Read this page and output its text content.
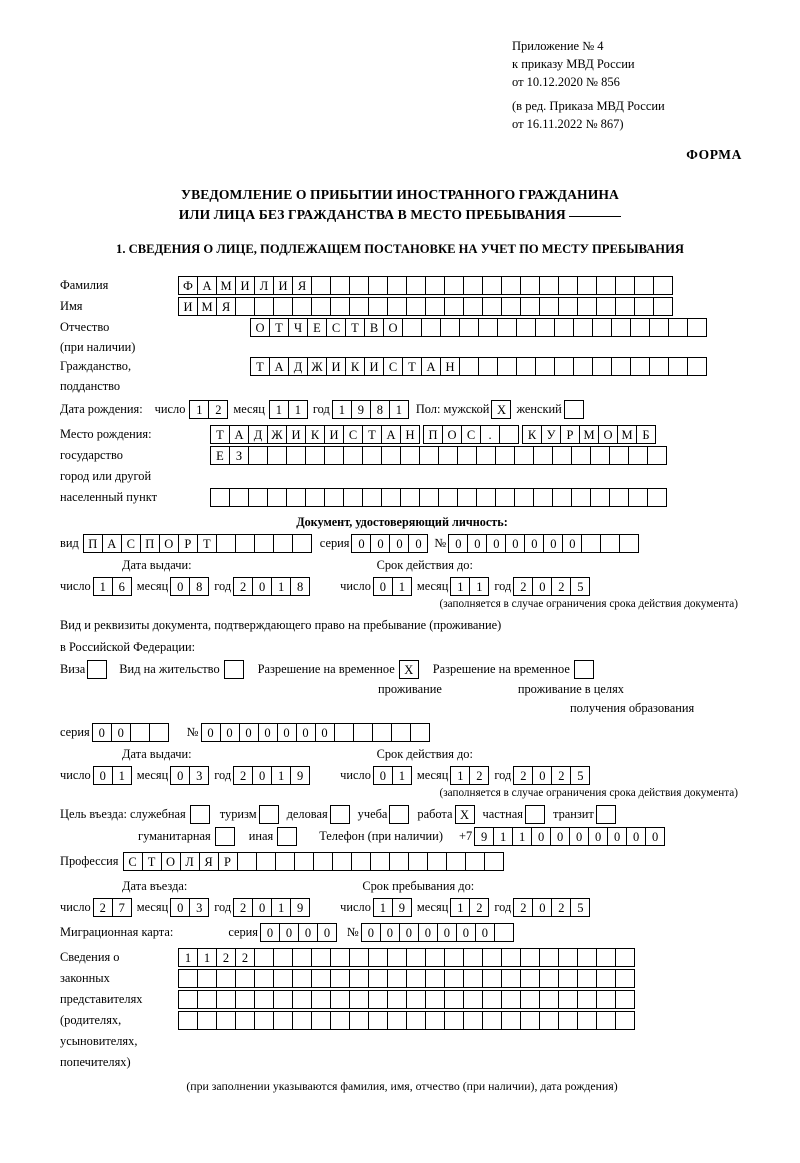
Приложение № 4
к приказу МВД России
от 10.12.2020 № 856
(в ред. Приказа МВД России
от 16.11.2022 № 867)
ФОРМА
УВЕДОМЛЕНИЕ О ПРИБЫТИИ ИНОСТРАННОГО ГРАЖДАНИНА
ИЛИ ЛИЦА БЕЗ ГРАЖДАНСТВА В МЕСТО ПРЕБЫВАНИЯ
1. СВЕДЕНИЯ О ЛИЦЕ, ПОДЛЕЖАЩЕМ ПОСТАНОВКЕ НА УЧЕТ ПО МЕСТУ ПРЕБЫВАНИЯ
Фамилия	Ф А М И Л И Я
Имя	И М Я
Отчество	О Т Ч Е С Т В О
(при наличии)
Гражданство,	Т А Д Ж И К И С Т А Н
подданство
Дата рождения: число 1	2 месяц 1	1 год 1	9	8	1	Пол: мужской X женский
Место рождения:	Т А Д Ж И К И С Т А Н	П О С	.	К У Р М О М Б
государство	Е З
город или другой
населенный пункт
Документ, удостоверяющий личность:
вид П А С П О Р Т	серия 0	0	0	0	№ 0	0	0	0	0	0	0
Дата выдачи:	Срок действия до:
число 1	6 месяц 0	8 год 2	0	1	8	число 0	1 месяц 1	1 год 2	0	2	5
(заполняется в случае ограничения срока действия документа)
Вид и реквизиты документа, подтверждающего право на пребывание (проживание)
в Российской Федерации:
Виза	Вид на жительство	Разрешение на временное X	Разрешение на временное
проживание	проживание в целях
получения образования
серия 0	0	№ 0	0	0	0	0	0	0
Дата выдачи:	Срок действия до:
число 0	1 месяц 0	3 год 2	0	1	9	число 0	1 месяц 1	2 год 2	0	2	5
(заполняется в случае ограничения срока действия документа)
Цель въезда: служебная	туризм деловая учеба работа X	частная транзит
гуманитарная	иная	Телефон (при наличии) +7 9	1	1	0	0	0	0	0	0	0
Профессия С Т О Л Я Р
Дата въезда:	Срок пребывания до:
число 2	7 месяц 0	3 год 2	0	1	9	число 1	9 месяц 1	2 год 2	0	2	5
Миграционная карта:	серия 0	0	0	0	№ 0	0	0	0	0	0	0
Сведения о	1	1	2	2
законных
представителях
(родителях,
усыновителях,
попечителях)
(при заполнении указываются фамилия, имя, отчество (при наличии), дата рождения)
